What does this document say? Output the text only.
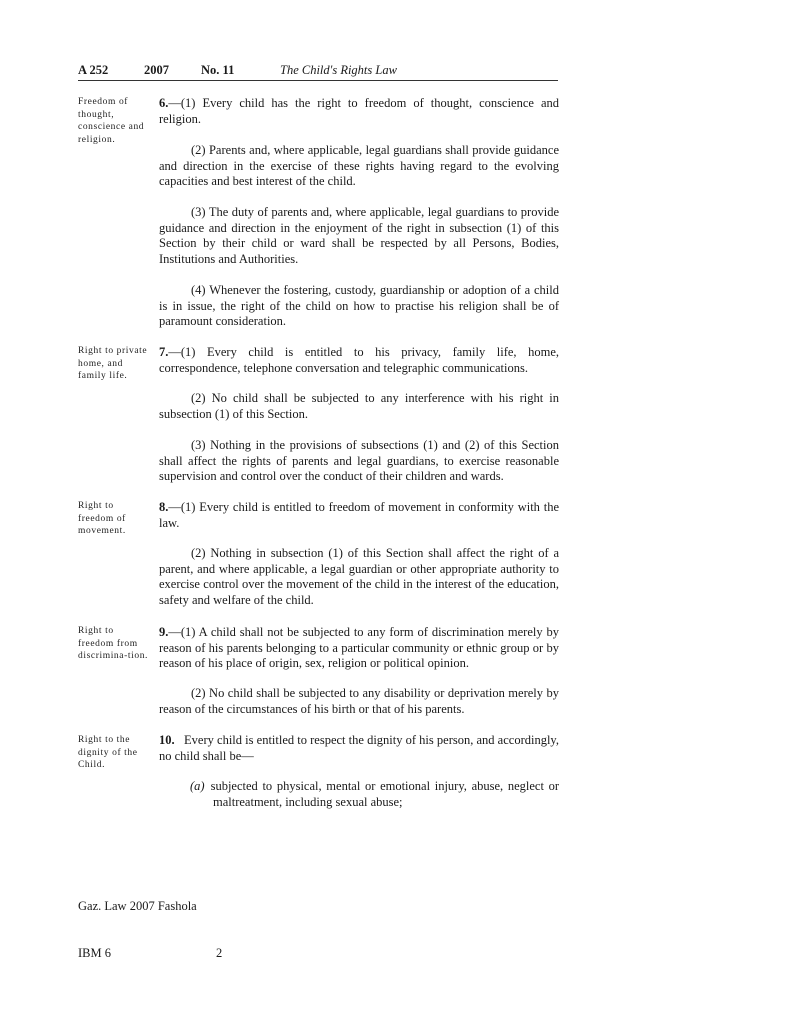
A 252	2007	No. 11	The Child's Rights Law
Freedom of thought, conscience and religion.
6.—(1) Every child has the right to freedom of thought, conscience and religion.
(2) Parents and, where applicable, legal guardians shall provide guidance and direction in the exercise of these rights having regard to the evolving capacities and best interest of the child.
(3) The duty of parents and, where applicable, legal guardians to provide guidance and direction in the enjoyment of the right in subsection (1) of this Section by their child or ward shall be respected by all Persons, Bodies, Institutions and Authorities.
(4) Whenever the fostering, custody, guardianship or adoption of a child is in issue, the right of the child on how to practise his religion shall be of paramount consideration.
Right to private home, and family life.
7.—(1) Every child is entitled to his privacy, family life, home, correspondence, telephone conversation and telegraphic communications.
(2) No child shall be subjected to any interference with his right in subsection (1) of this Section.
(3) Nothing in the provisions of subsections (1) and (2) of this Section shall affect the rights of parents and legal guardians, to exercise reasonable supervision and control over the conduct of their children and wards.
Right to freedom of movement.
8.—(1) Every child is entitled to freedom of movement in conformity with the law.
(2) Nothing in subsection (1) of this Section shall affect the right of a parent, and where applicable, a legal guardian or other appropriate authority to exercise control over the movement of the child in the interest of the education, safety and welfare of the child.
Right to freedom from discrimina-tion.
9.—(1) A child shall not be subjected to any form of discrimination merely by reason of his parents belonging to a particular community or ethnic group or by reason of his place of origin, sex, religion or political opinion.
(2) No child shall be subjected to any disability or deprivation merely by reason of the circumstances of his birth or that of his parents.
Right to the dignity of the Child.
10. Every child is entitled to respect the dignity of his person, and accordingly, no child shall be—
(a) subjected to physical, mental or emotional injury, abuse, neglect or maltreatment, including sexual abuse;
Gaz. Law 2007 Fashola
IBM 6	2
